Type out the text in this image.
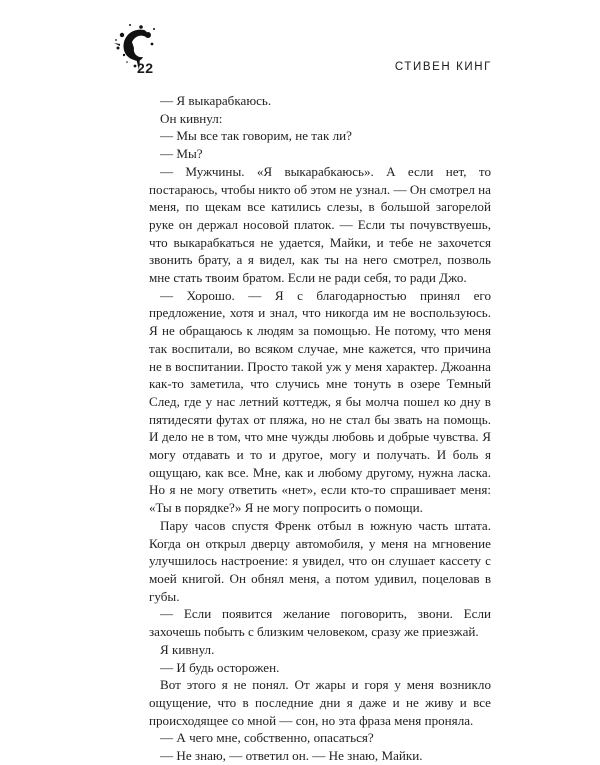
22	СТИВЕН КИНГ

— Я выкарабкаюсь.

Он кивнул:

— Мы все так говорим, не так ли?

— Мы?

— Мужчины. «Я выкарабкаюсь». А если нет, то постараюсь, чтобы никто об этом не узнал. — Он смотрел на меня, по щекам все катились слезы, в большой загорелой руке он держал носовой платок. — Если ты почувствуешь, что выкарабкаться не удается, Майки, и тебе не захочется звонить брату, а я видел, как ты на него смотрел, позволь мне стать твоим братом. Если не ради себя, то ради Джо.

— Хорошо. — Я с благодарностью принял его предложение, хотя и знал, что никогда им не воспользуюсь. Я не обращаюсь к людям за помощью. Не потому, что меня так воспитали, во всяком случае, мне кажется, что причина не в воспитании. Просто такой уж у меня характер. Джоанна как-то заметила, что случись мне тонуть в озере Темный След, где у нас летний коттедж, я бы молча пошел ко дну в пятидесяти футах от пляжа, но не стал бы звать на помощь. И дело не в том, что мне чужды любовь и добрые чувства. Я могу отдавать и то и другое, могу и получать. И боль я ощущаю, как все. Мне, как и любому другому, нужна ласка. Но я не могу ответить «нет», если кто-то спрашивает меня: «Ты в порядке?» Я не могу попросить о помощи.

Пару часов спустя Френк отбыл в южную часть штата. Когда он открыл дверцу автомобиля, у меня на мгновение улучшилось настроение: я увидел, что он слушает кассету с моей книгой. Он обнял меня, а потом удивил, поцеловав в губы.

— Если появится желание поговорить, звони. Если захочешь побыть с близким человеком, сразу же приезжай.

Я кивнул.

— И будь осторожен.

Вот этого я не понял. От жары и горя у меня возникло ощущение, что в последние дни я даже и не живу и все происходящее со мной — сон, но эта фраза меня проняла.

— А чего мне, собственно, опасаться?

— Не знаю, — ответил он. — Не знаю, Майки.
